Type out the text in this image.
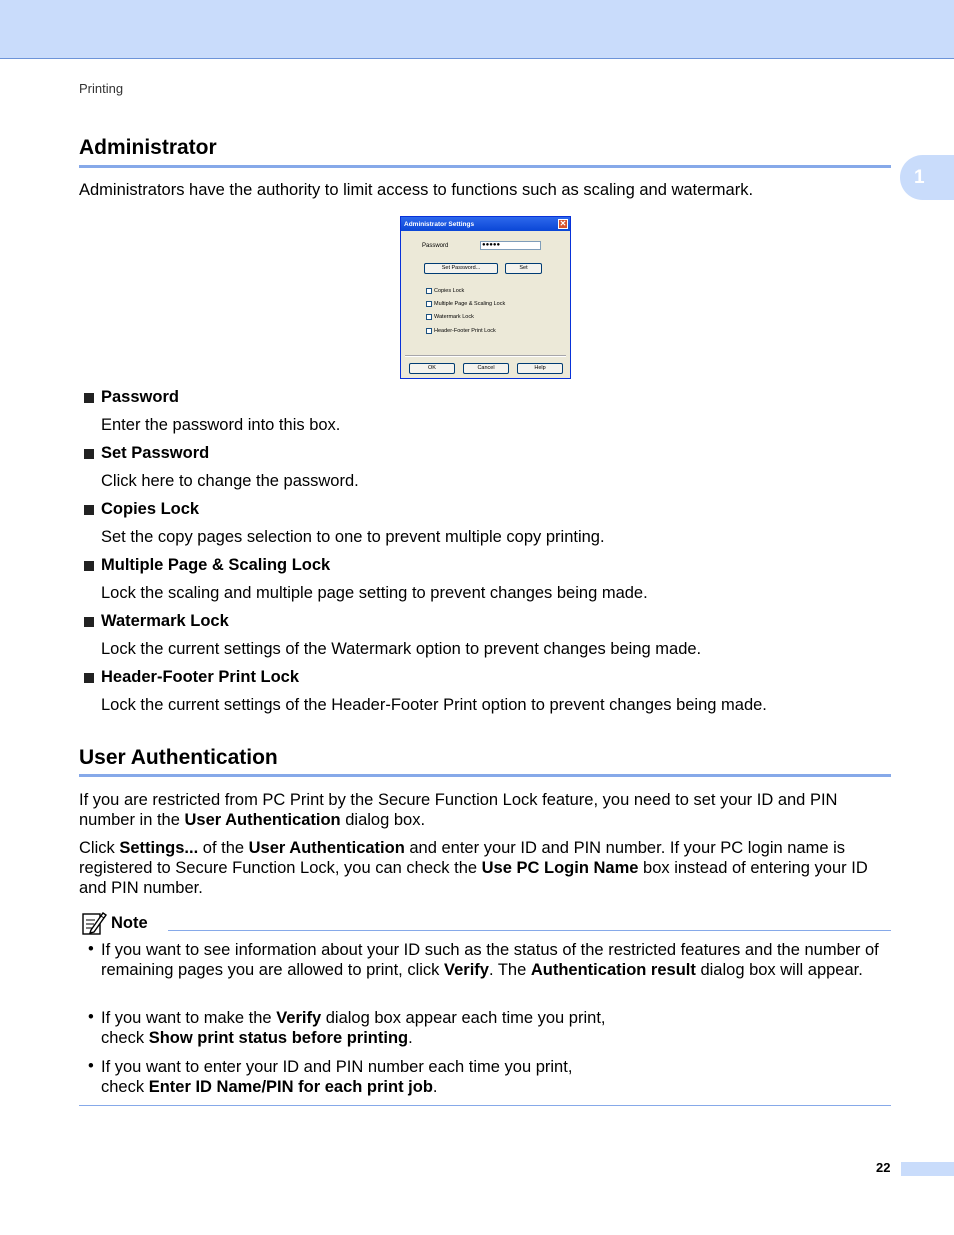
Printing
1
Administrator
Administrators have the authority to limit access to functions such as scaling and watermark.
Administrator Settings	✕
Password	●●●●●
Set Password...	Set
Copies Lock
Multiple Page & Scaling Lock
Watermark Lock
Header-Footer Print Lock
OK	Cancel	Help
Password
Enter the password into this box.
Set Password
Click here to change the password.
Copies Lock
Set the copy pages selection to one to prevent multiple copy printing.
Multiple Page & Scaling Lock
Lock the scaling and multiple page setting to prevent changes being made.
Watermark Lock
Lock the current settings of the Watermark option to prevent changes being made.
Header-Footer Print Lock
Lock the current settings of the Header-Footer Print option to prevent changes being made.
User Authentication
If you are restricted from PC Print by the Secure Function Lock feature, you need to set your ID and PIN number in the User Authentication dialog box.
Click Settings... of the User Authentication and enter your ID and PIN number. If your PC login name is registered to Secure Function Lock, you can check the Use PC Login Name box instead of entering your ID and PIN number.
Note
• If you want to see information about your ID such as the status of the restricted features and the number of remaining pages you are allowed to print, click Verify. The Authentication result dialog box will appear.
• If you want to make the Verify dialog box appear each time you print,
check Show print status before printing.
• If you want to enter your ID and PIN number each time you print,
check Enter ID Name/PIN for each print job.
22
